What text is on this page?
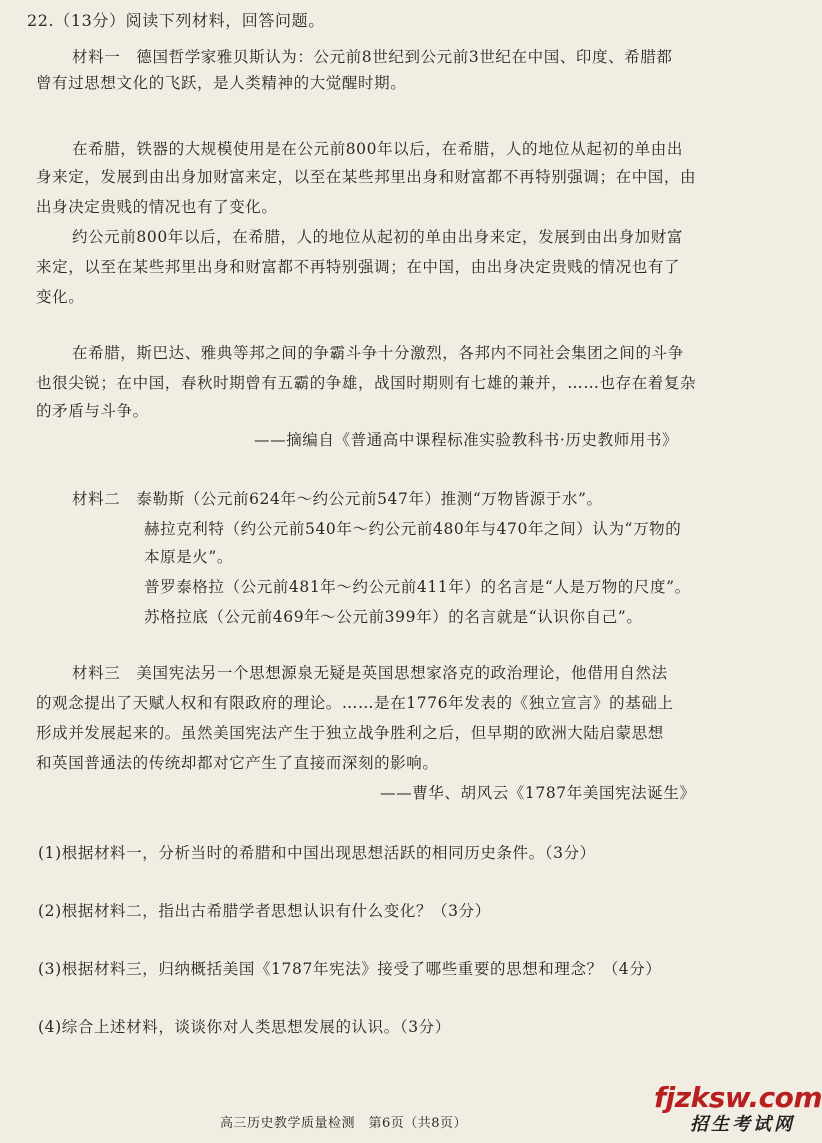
22.（13分）阅读下列材料，回答问题。
材料一　德国哲学家雅贝斯认为：公元前8世纪到公元前3世纪在中国、印度、希腊都
曾有过思想文化的飞跃，是人类精神的大觉醒时期。
在希腊，铁器的大规模使用是在公元前800年以后，在希腊，人的地位从起初的单由出
身来定，发展到由出身加财富来定，以至在某些邦里出身和财富都不再特别强调；在中国，由
出身决定贵贱的情况也有了变化。
约公元前800年以后，在希腊，人的地位从起初的单由出身来定，发展到由出身加财富
来定，以至在某些邦里出身和财富都不再特别强调；在中国，由出身决定贵贱的情况也有了
变化。
在希腊，斯巴达、雅典等邦之间的争霸斗争十分激烈，各邦内不同社会集团之间的斗争
也很尖锐；在中国，春秋时期曾有五霸的争雄，战国时期则有七雄的兼并，……也存在着复杂
的矛盾与斗争。
——摘编自《普通高中课程标准实验教科书·历史教师用书》
材料二　泰勒斯（公元前624年～约公元前547年）推测“万物皆源于水”。
赫拉克利特（约公元前540年～约公元前480年与470年之间）认为“万物的
本原是火”。
普罗泰格拉（公元前481年～约公元前411年）的名言是“人是万物的尺度”。
苏格拉底（公元前469年～公元前399年）的名言就是“认识你自己”。
材料三　美国宪法另一个思想源泉无疑是英国思想家洛克的政治理论，他借用自然法
的观念提出了天赋人权和有限政府的理论。……是在1776年发表的《独立宣言》的基础上
形成并发展起来的。虽然美国宪法产生于独立战争胜利之后，但早期的欧洲大陆启蒙思想
和英国普通法的传统却都对它产生了直接而深刻的影响。
——曹华、胡风云《1787年美国宪法诞生》
(1)根据材料一，分析当时的希腊和中国出现思想活跃的相同历史条件。（3分）
(2)根据材料二，指出古希腊学者思想认识有什么变化？（3分）
(3)根据材料三，归纳概括美国《1787年宪法》接受了哪些重要的思想和理念？（4分）
(4)综合上述材料，谈谈你对人类思想发展的认识。（3分）
高三历史教学质量检测　第6页（共8页）
fjzksw.com
招生考试网
